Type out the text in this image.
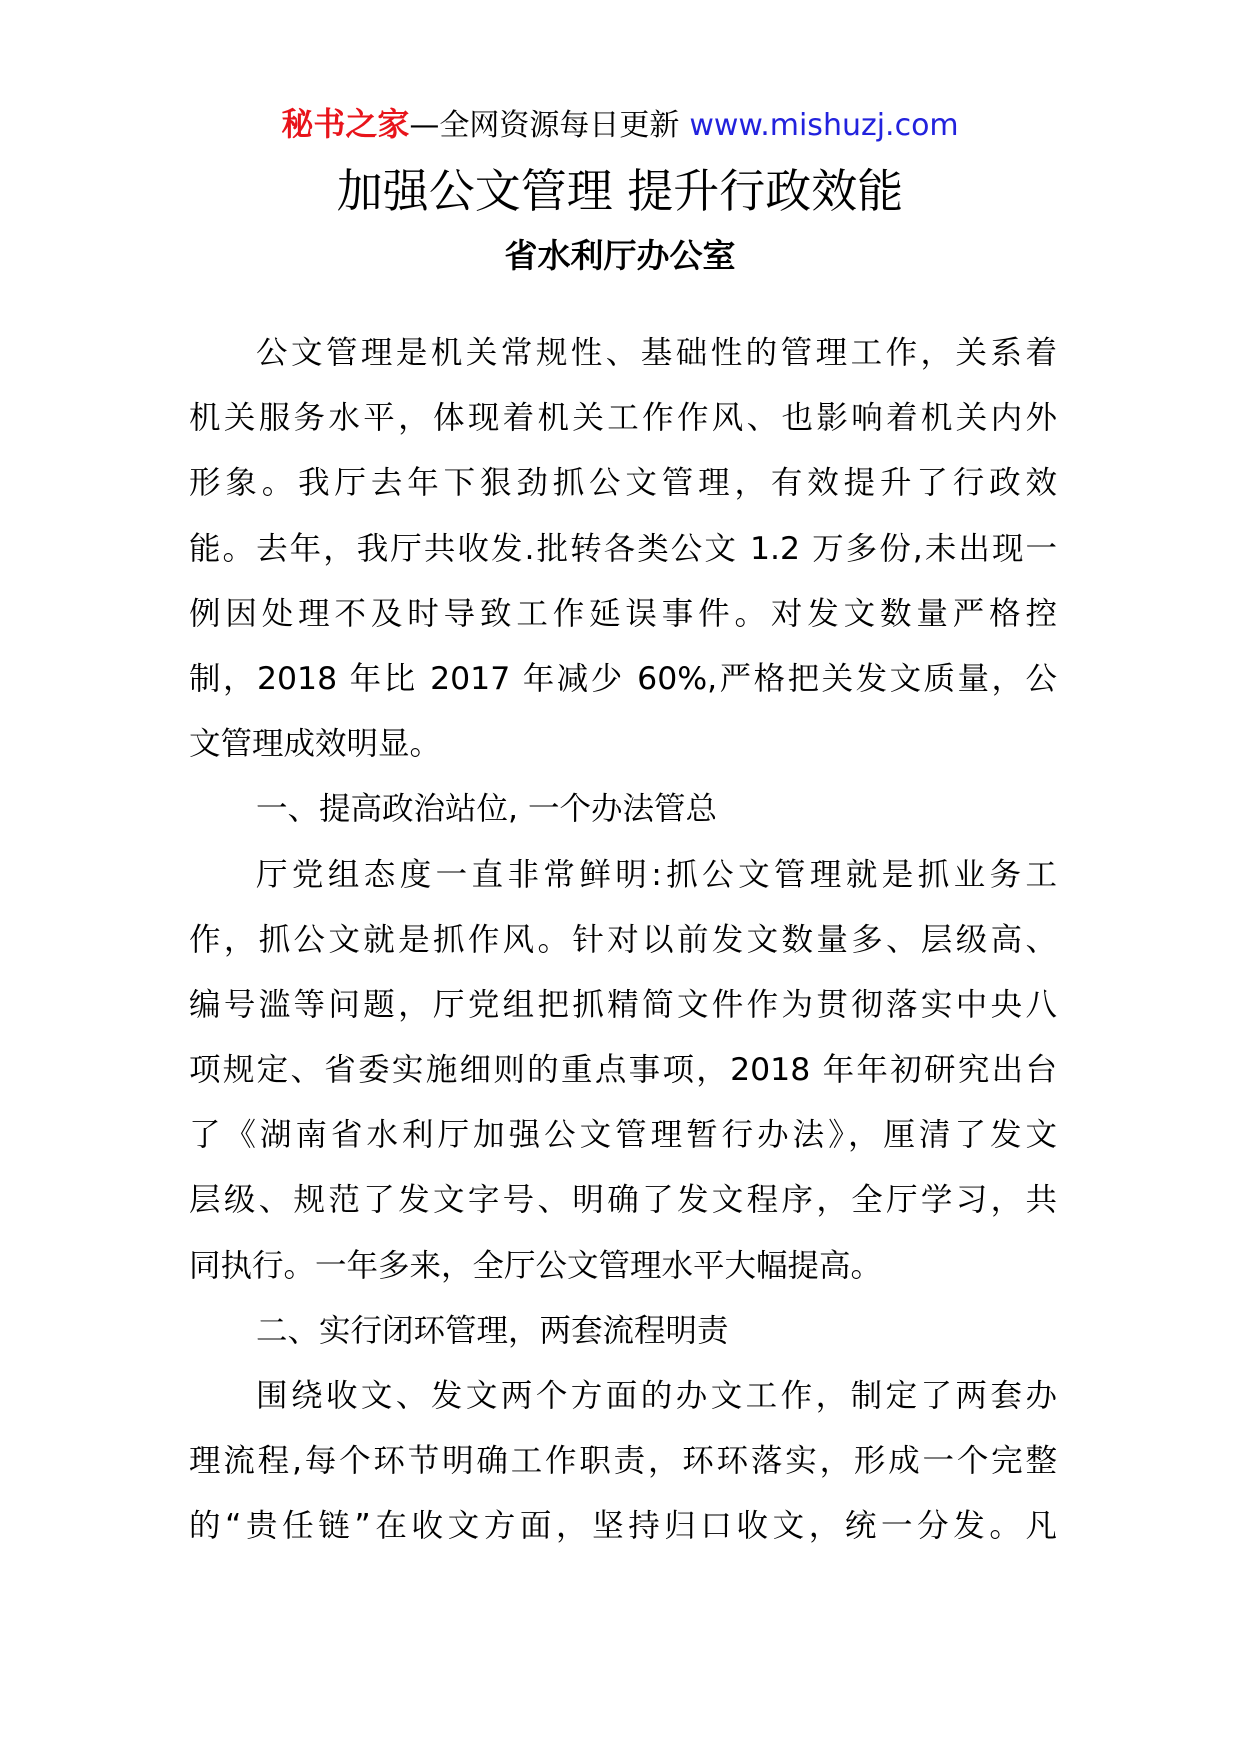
秘书之家—全网资源每日更新 www.mishuzj.com
加强公文管理 提升行政效能
省水利厅办公室
公文管理是机关常规性、基础性的管理工作，关系着
机关服务水平，体现着机关工作作风、也影响着机关内外
形象。我厅去年下狠劲抓公文管理，有效提升了行政效
能。去年，我厅共收发.批转各类公文 1.2 万多份,未出现一
例因处理不及时导致工作延误事件。对发文数量严格控
制，2018 年比 2017 年减少 60%,严格把关发文质量，公
文管理成效明显。
一、提高政治站位, 一个办法管总
厅党组态度一直非常鲜明:抓公文管理就是抓业务工
作，抓公文就是抓作风。针对以前发文数量多、层级高、
编号滥等问题，厅党组把抓精简文件作为贯彻落实中央八
项规定、省委实施细则的重点事项，2018 年年初研究出台
了《湖南省水利厅加强公文管理暂行办法》，厘清了发文
层级、规范了发文字号、明确了发文程序，全厅学习，共
同执行。一年多来，全厅公文管理水平大幅提高。
二、实行闭环管理，两套流程明责
围绕收文、发文两个方面的办文工作，制定了两套办
理流程,每个环节明确工作职责，环环落实，形成一个完整
的“贵任链”在收文方面，坚持归口收文，统一分发。凡
